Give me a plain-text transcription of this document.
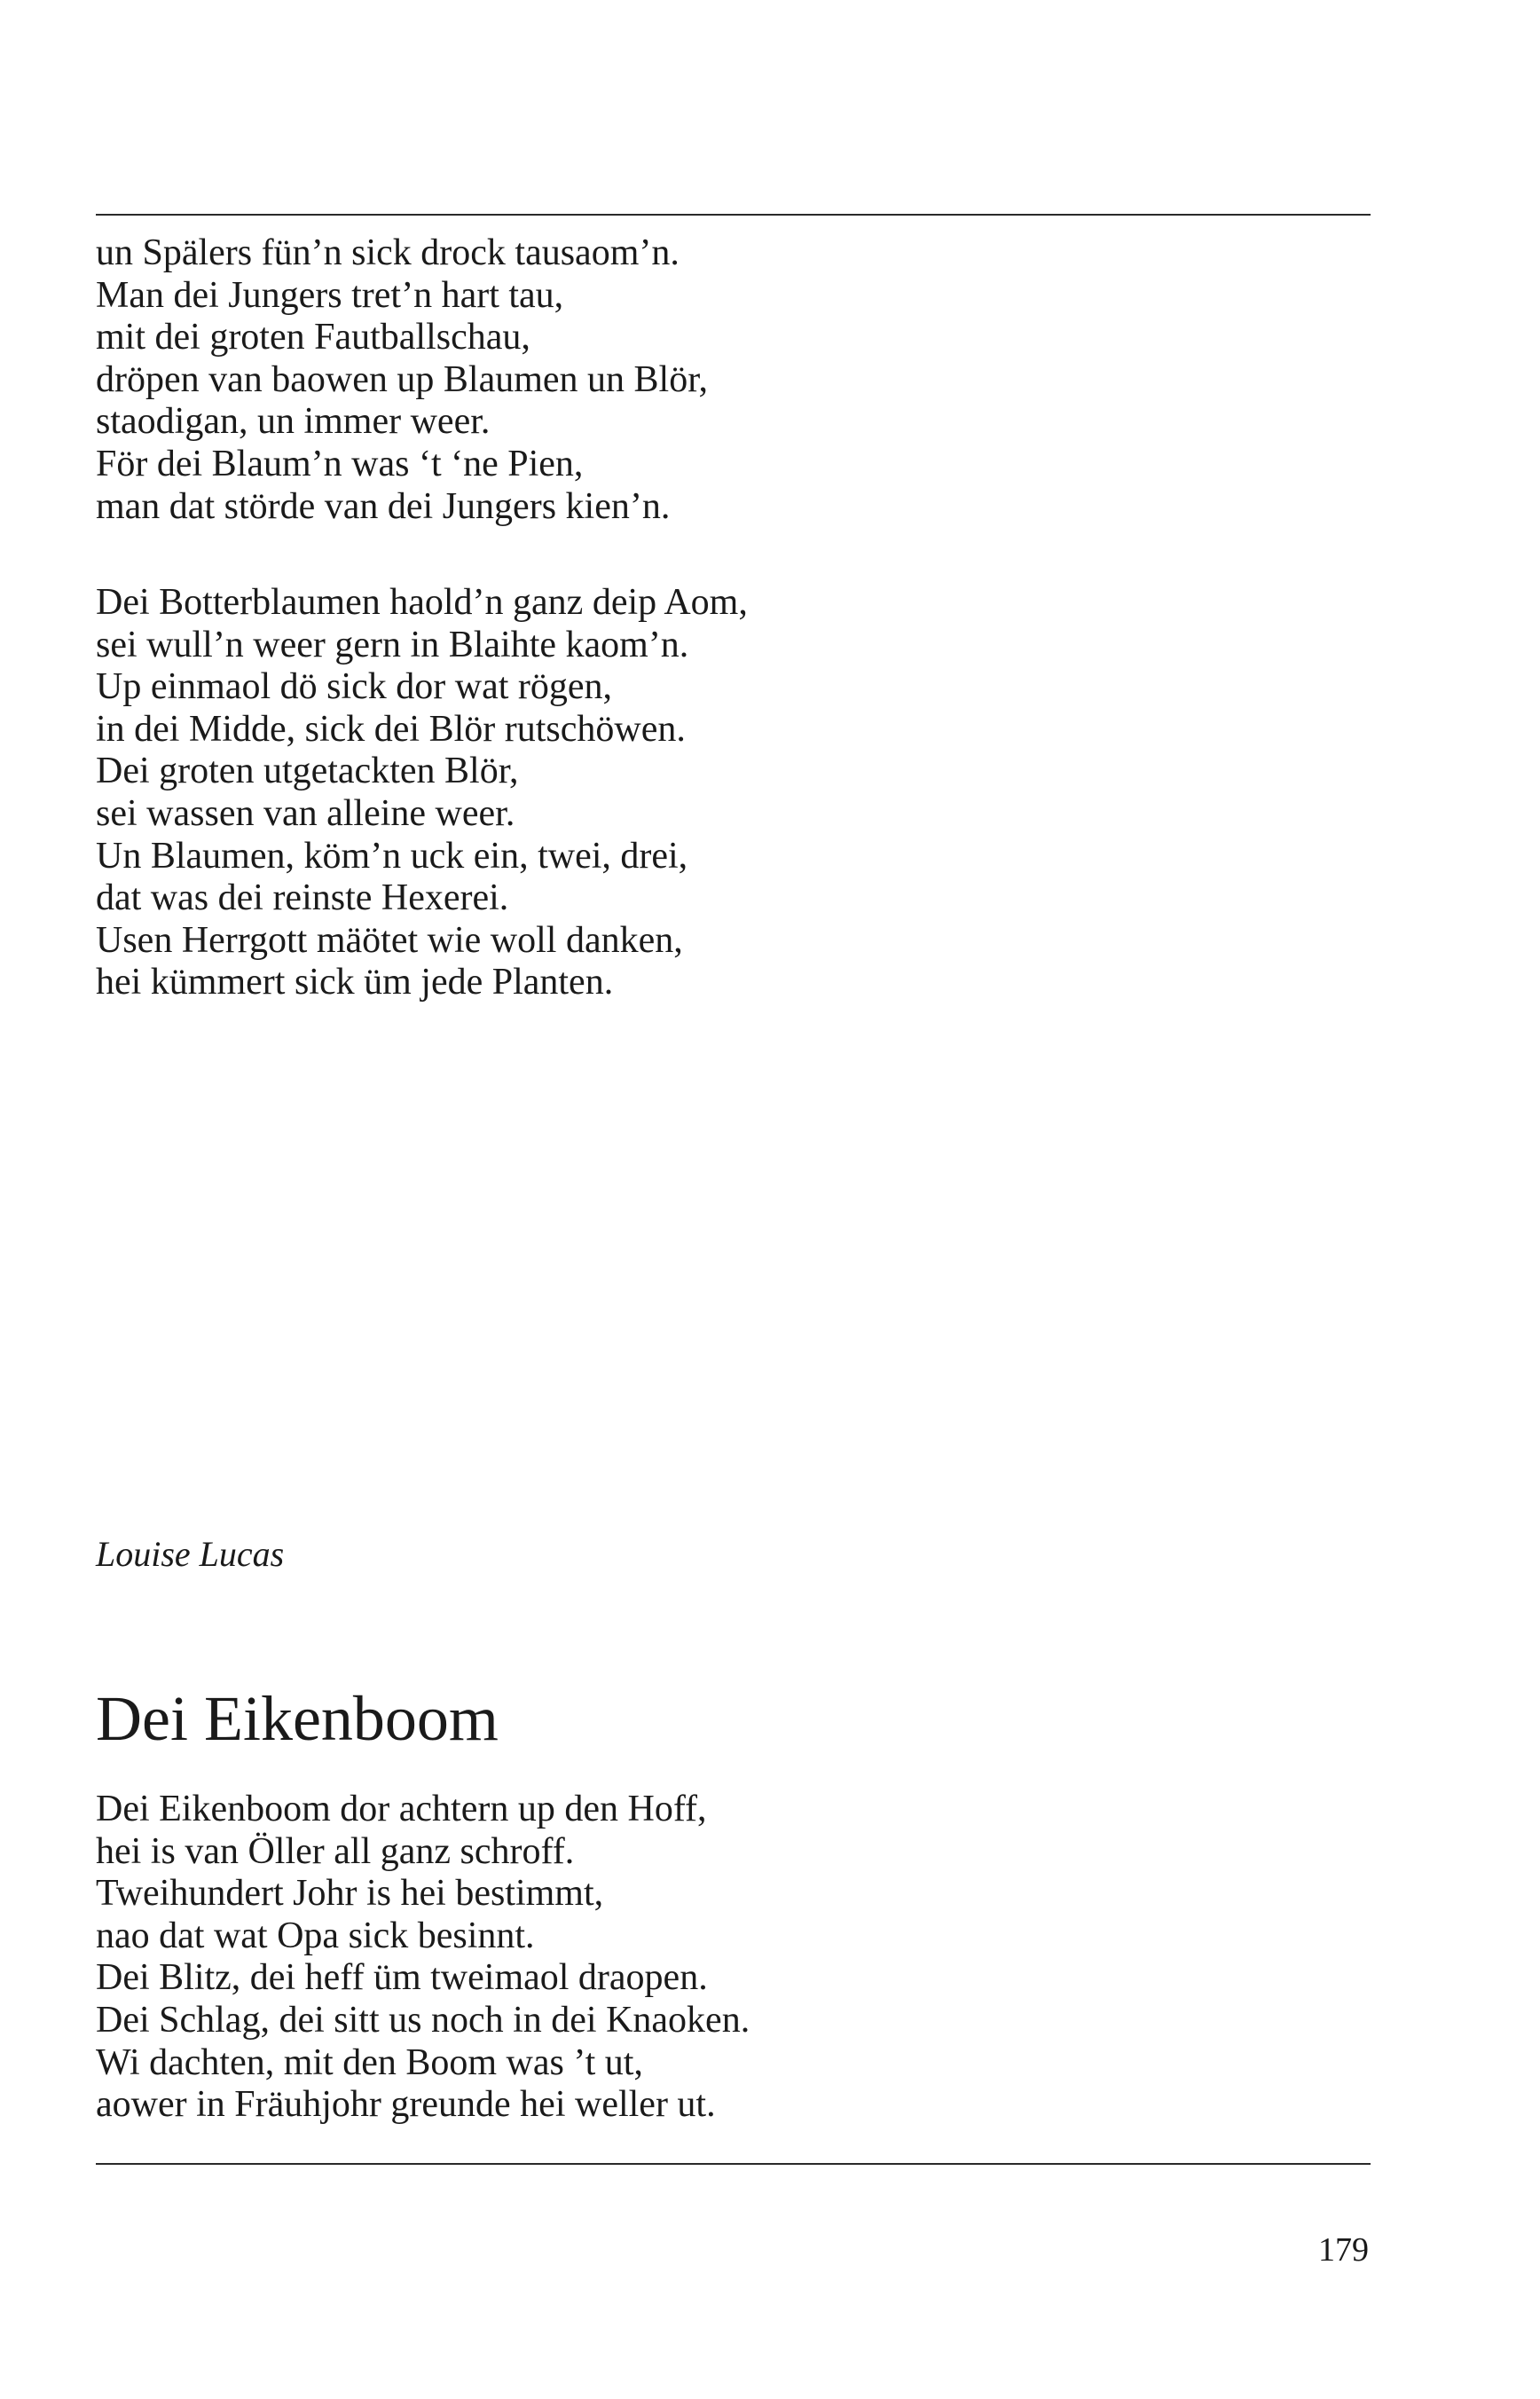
un Spälers fün’n sick drock tausaom’n.
Man dei Jungers tret’n hart tau,
mit dei groten Fautballschau,
dröpen van baowen up Blaumen un Blör,
staodigan, un immer weer.
För dei Blaum’n was ‘t ‘ne Pien,
man dat störde van dei Jungers kien’n.
Dei Botterblaumen haold’n ganz deip Aom,
sei wull’n weer gern in Blaihte kaom’n.
Up einmaol dö sick dor wat rögen,
in dei Midde, sick dei Blör rutschöwen.
Dei groten utgetackten Blör,
sei wassen van alleine weer.
Un Blaumen, köm’n uck ein, twei, drei,
dat was dei reinste Hexerei.
Usen Herrgott mäötet wie woll danken,
hei kümmert sick üm jede Planten.
Louise Lucas
Dei Eikenboom
Dei Eikenboom dor achtern up den Hoff,
hei is van Öller all ganz schroff.
Tweihundert Johr is hei bestimmt,
nao dat wat Opa sick besinnt.
Dei Blitz, dei heff üm tweimaol draopen.
Dei Schlag, dei sitt us noch in dei Knaoken.
Wi dachten, mit den Boom was ’t ut,
aower in Fräuhjohr greunde hei weller ut.
179
